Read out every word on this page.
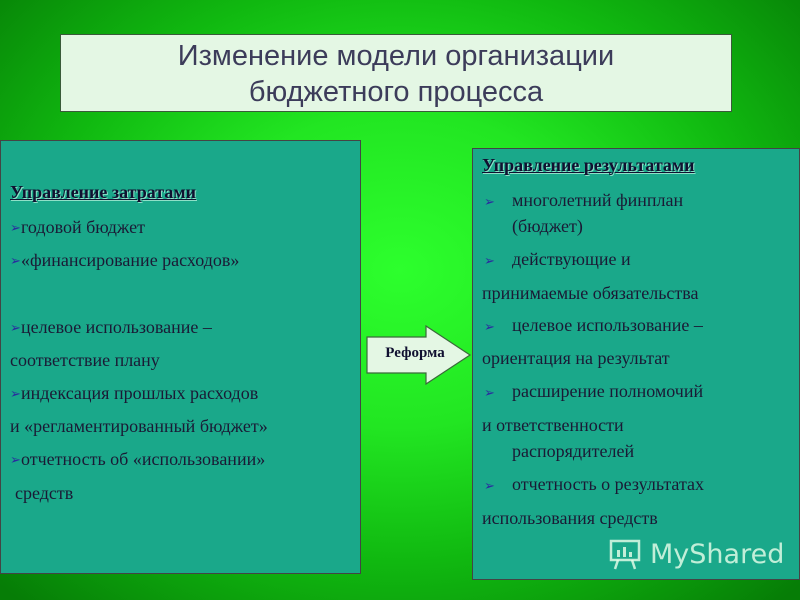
Изменение модели организации
бюджетного процесса
Управление затратами
➢ годовой бюджет
➢ «финансирование расходов»
➢ целевое использование –
соответствие плану
➢ индексация прошлых расходов
и «регламентированный бюджет»
➢ отчетность об «использовании»
средств
Реформа
Управление результатами
➢ многолетний финплан
(бюджет)
➢ действующие и
принимаемые обязательства
➢ целевое использование –
ориентация на результат
➢ расширение полномочий
и ответственности
распорядителей
➢ отчетность о результатах
использования средств
MyShared
